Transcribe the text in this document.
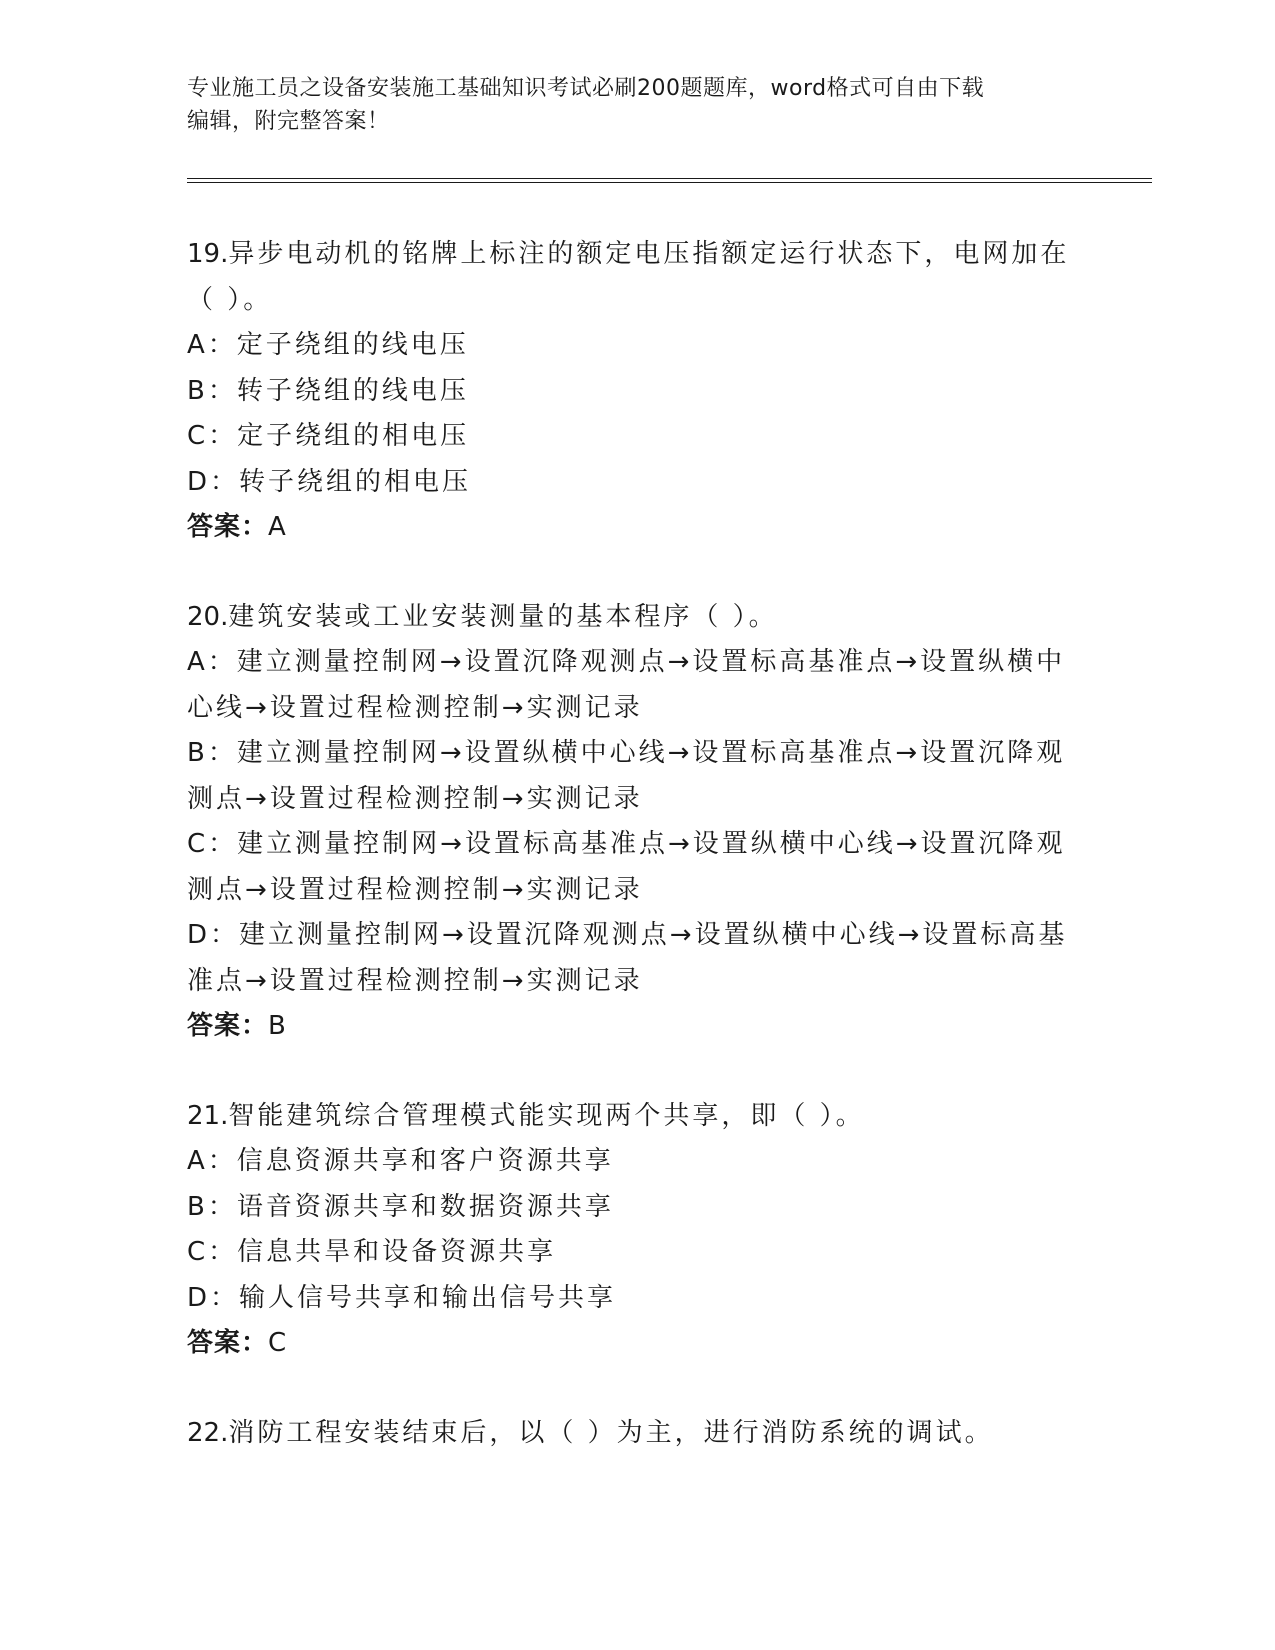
专业施工员之设备安装施工基础知识考试必刷200题题库，word格式可自由下载
编辑，附完整答案！
19.异步电动机的铭牌上标注的额定电压指额定运行状态下，电网加在（ ）。
A：定子绕组的线电压
B：转子绕组的线电压
C：定子绕组的相电压
D：转子绕组的相电压
答案：A
20.建筑安装或工业安装测量的基本程序（ ）。
A：建立测量控制网→设置沉降观测点→设置标高基准点→设置纵横中心线→设置过程检测控制→实测记录
B：建立测量控制网→设置纵横中心线→设置标高基准点→设置沉降观测点→设置过程检测控制→实测记录
C：建立测量控制网→设置标高基准点→设置纵横中心线→设置沉降观测点→设置过程检测控制→实测记录
D：建立测量控制网→设置沉降观测点→设置纵横中心线→设置标高基准点→设置过程检测控制→实测记录
答案：B
21.智能建筑综合管理模式能实现两个共享，即（ ）。
A：信息资源共享和客户资源共享
B：语音资源共享和数据资源共享
C：信息共旱和设备资源共享
D：输人信号共享和输出信号共享
答案：C
22.消防工程安装结束后，以（ ）为主，进行消防系统的调试。
